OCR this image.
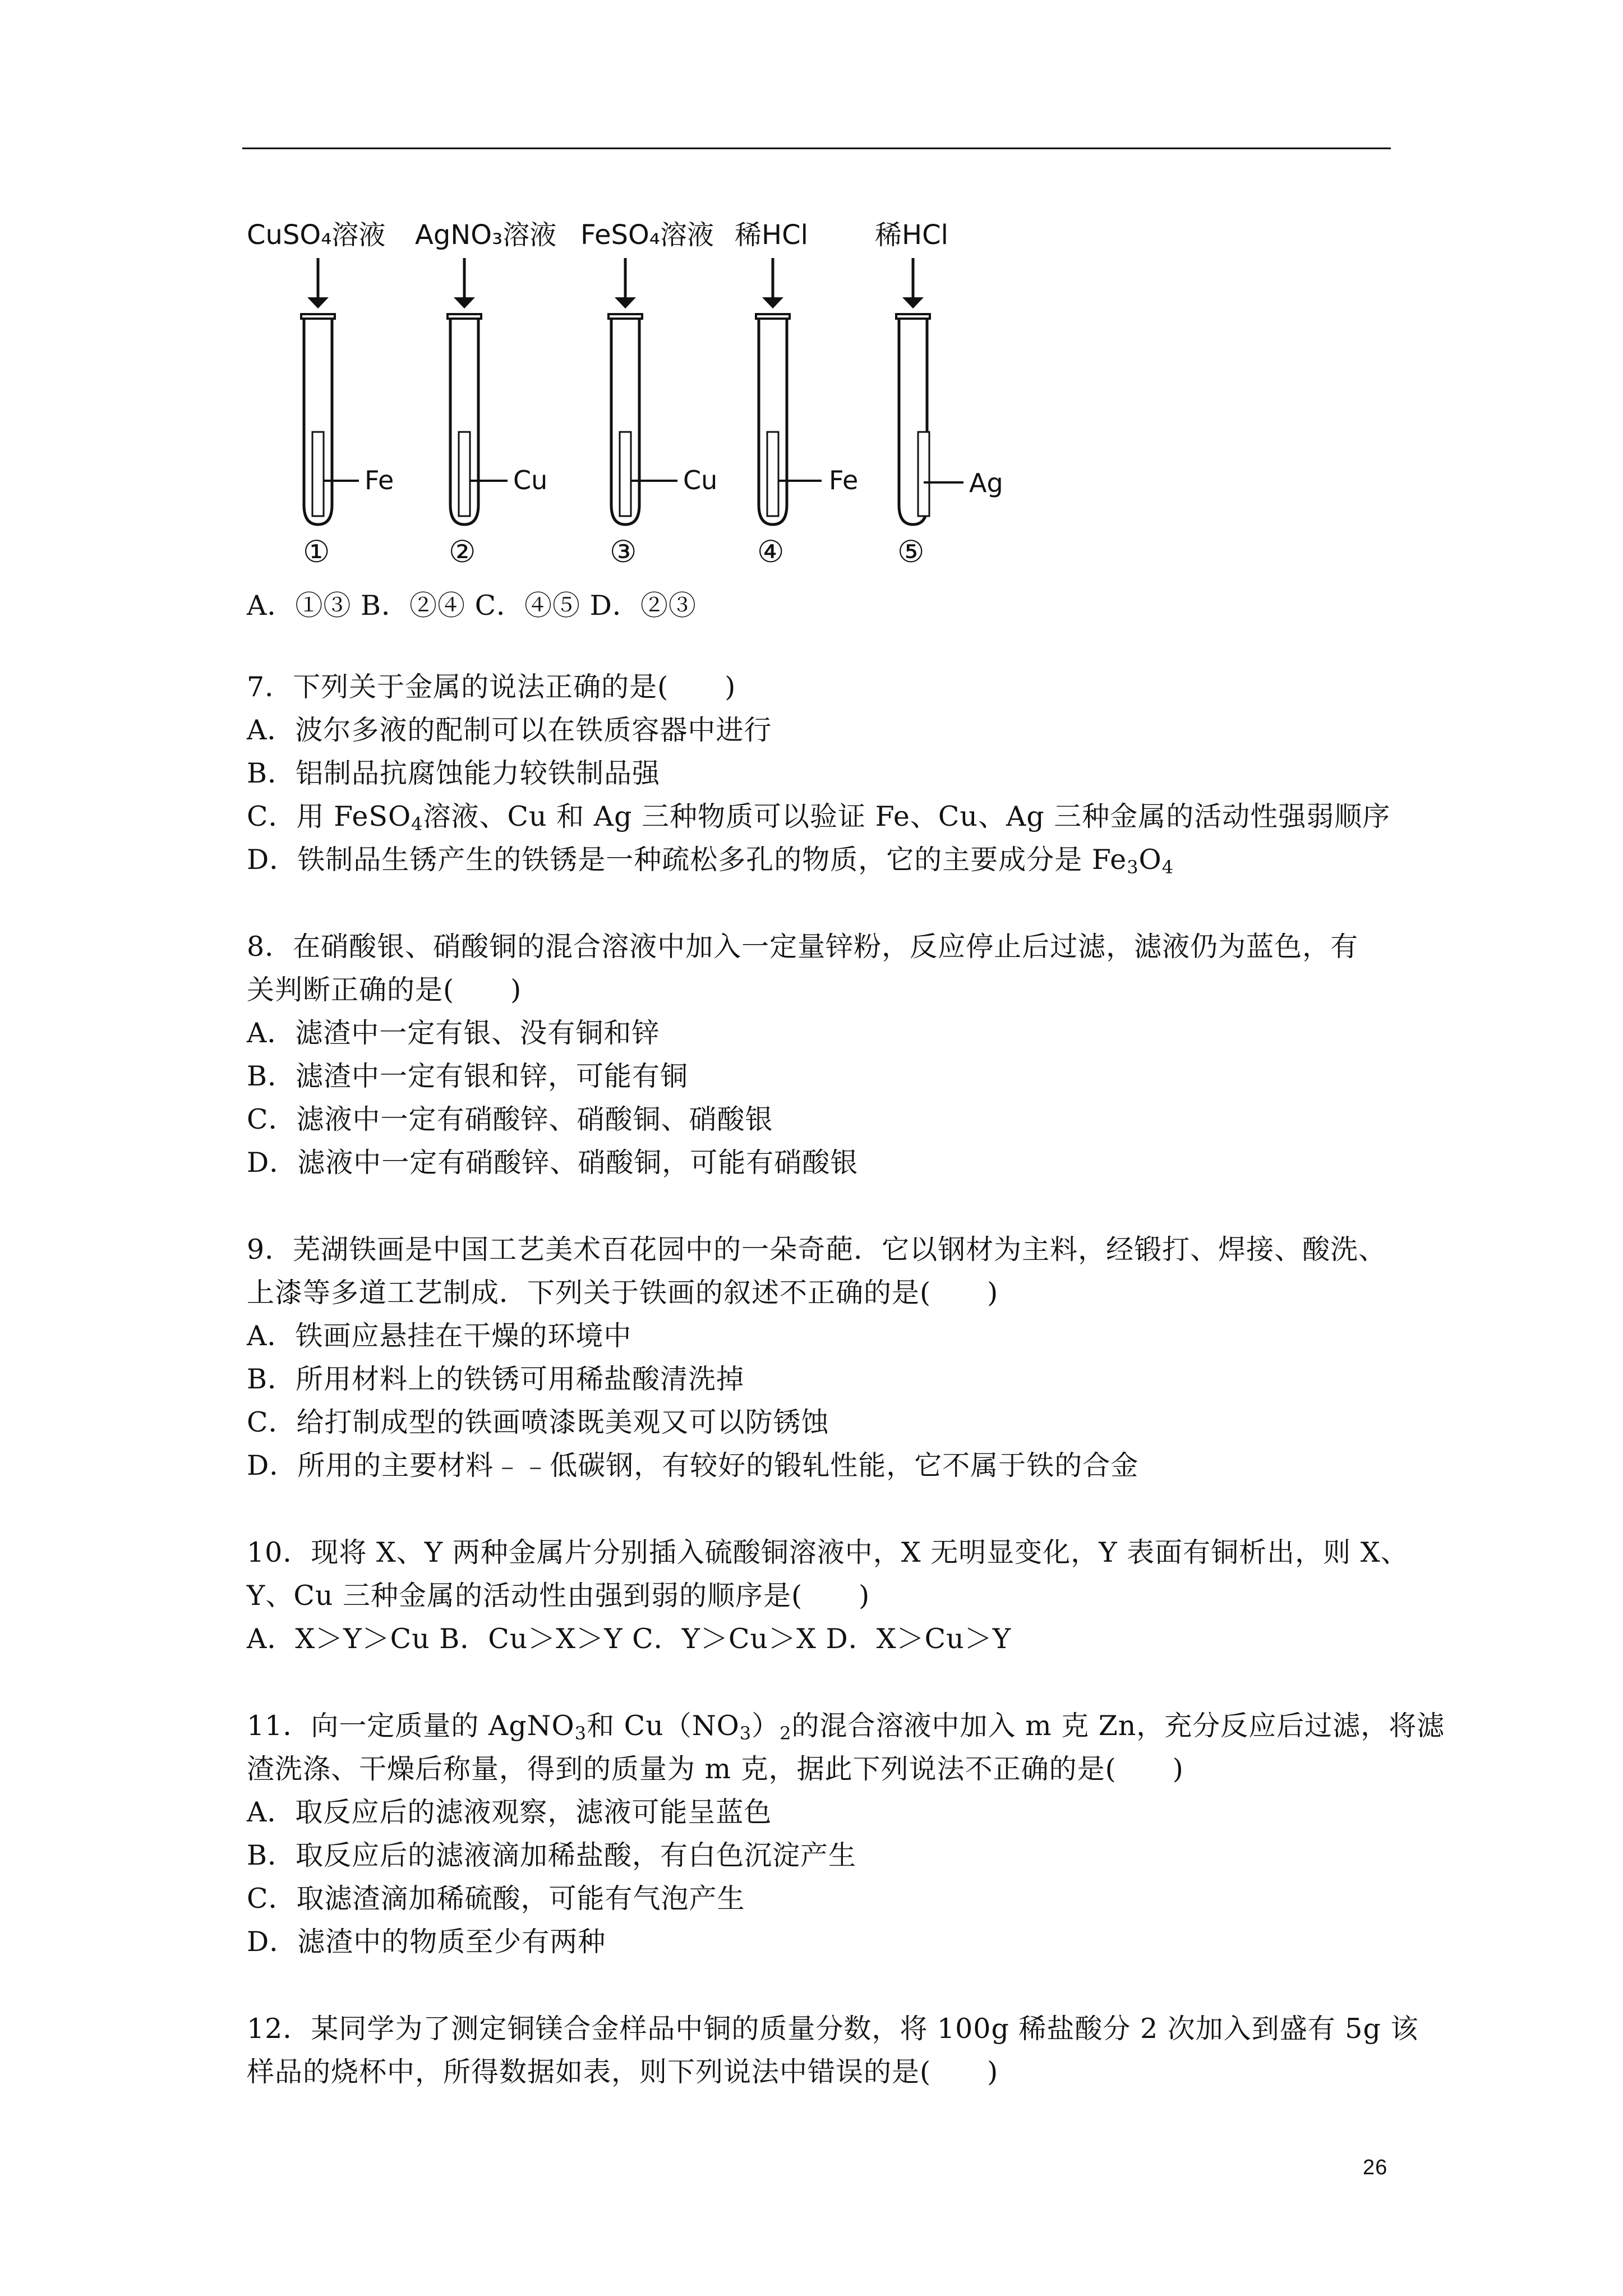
CuSO₄溶液
Fe
①
AgNO₃溶液
Cu
②
FeSO₄溶液
Cu
③
稀HCl
Fe
④
稀HCl
Ag
⑤
A．①③ B．②④ C．④⑤ D．②③
7．下列关于金属的说法正确的是(　　)
A．波尔多液的配制可以在铁质容器中进行
B．铝制品抗腐蚀能力较铁制品强
C．用 FeSO$_4$溶液、Cu 和 Ag 三种物质可以验证 Fe、Cu、Ag 三种金属的活动性强弱顺序
D．铁制品生锈产生的铁锈是一种疏松多孔的物质，它的主要成分是 $Fe_3O_4$
8．在硝酸银、硝酸铜的混合溶液中加入一定量锌粉，反应停止后过滤，滤液仍为蓝色，有
关判断正确的是(　　)
A．滤渣中一定有银、没有铜和锌
B．滤渣中一定有银和锌，可能有铜
C．滤液中一定有硝酸锌、硝酸铜、硝酸银
D．滤液中一定有硝酸锌、硝酸铜，可能有硝酸银
9．芜湖铁画是中国工艺美术百花园中的一朵奇葩．它以钢材为主料，经锻打、焊接、酸洗、
上漆等多道工艺制成．下列关于铁画的叙述不正确的是(　　)
A．铁画应悬挂在干燥的环境中
B．所用材料上的铁锈可用稀盐酸清洗掉
C．给打制成型的铁画喷漆既美观又可以防锈蚀
D．所用的主要材料﹣﹣低碳钢，有较好的锻轧性能，它不属于铁的合金
10．现将 X、Y 两种金属片分别插入硫酸铜溶液中，X 无明显变化，Y 表面有铜析出，则 X、
Y、Cu 三种金属的活动性由强到弱的顺序是(　　)
A．X＞Y＞Cu B．Cu＞X＞Y C．Y＞Cu＞X D．X＞Cu＞Y
11．向一定质量的 AgNO$_3$和 $Cu(NO_3)_2$的混合溶液中加入 m 克 Zn，充分反应后过滤，将滤
渣洗涤、干燥后称量，得到的质量为 m 克，据此下列说法不正确的是(　　)
A．取反应后的滤液观察，滤液可能呈蓝色
B．取反应后的滤液滴加稀盐酸，有白色沉淀产生
C．取滤渣滴加稀硫酸，可能有气泡产生
D．滤渣中的物质至少有两种
12．某同学为了测定铜镁合金样品中铜的质量分数，将 100g 稀盐酸分 2 次加入到盛有 5g 该
样品的烧杯中，所得数据如表，则下列说法中错误的是(　　)
26
